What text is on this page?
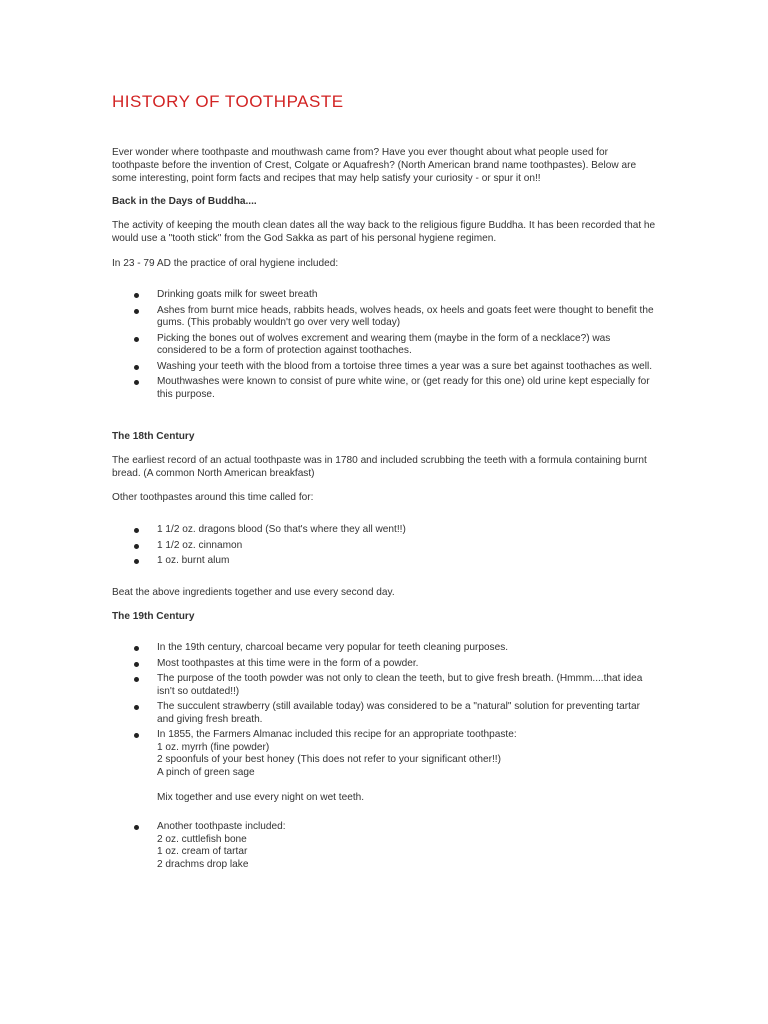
HISTORY OF TOOTHPASTE

Ever wonder where toothpaste and mouthwash came from? Have you ever thought about what people used for toothpaste before the invention of Crest, Colgate or Aquafresh? (North American brand name toothpastes). Below are some interesting, point form facts and recipes that may help satisfy your curiosity - or spur it on!!

Back in the Days of Buddha....

The activity of keeping the mouth clean dates all the way back to the religious figure Buddha. It has been recorded that he would use a "tooth stick" from the God Sakka as part of his personal hygiene regimen.

In 23 - 79 AD the practice of oral hygiene included:

Drinking goats milk for sweet breath
Ashes from burnt mice heads, rabbits heads, wolves heads, ox heels and goats feet were thought to benefit the gums. (This probably wouldn't go over very well today)
Picking the bones out of wolves excrement and wearing them (maybe in the form of a necklace?) was considered to be a form of protection against toothaches.
Washing your teeth with the blood from a tortoise three times a year was a sure bet against toothaches as well.
Mouthwashes were known to consist of pure white wine, or (get ready for this one) old urine kept especially for this purpose.

The 18th Century

The earliest record of an actual toothpaste was in 1780 and included scrubbing the teeth with a formula containing burnt bread. (A common North American breakfast)

Other toothpastes around this time called for:

1 1/2 oz. dragons blood (So that's where they all went!!)
1 1/2 oz. cinnamon
1 oz. burnt alum

Beat the above ingredients together and use every second day.

The 19th Century

In the 19th century, charcoal became very popular for teeth cleaning purposes.
Most toothpastes at this time were in the form of a powder.
The purpose of the tooth powder was not only to clean the teeth, but to give fresh breath. (Hmmm....that idea isn't so outdated!!)
The succulent strawberry (still available today) was considered to be a "natural" solution for preventing tartar and giving fresh breath.
In 1855, the Farmers Almanac included this recipe for an appropriate toothpaste:
1 oz. myrrh (fine powder)
2 spoonfuls of your best honey (This does not refer to your significant other!!)
A pinch of green sage
Mix together and use every night on wet teeth.
Another toothpaste included:
2 oz. cuttlefish bone
1 oz. cream of tartar
2 drachms drop lake
